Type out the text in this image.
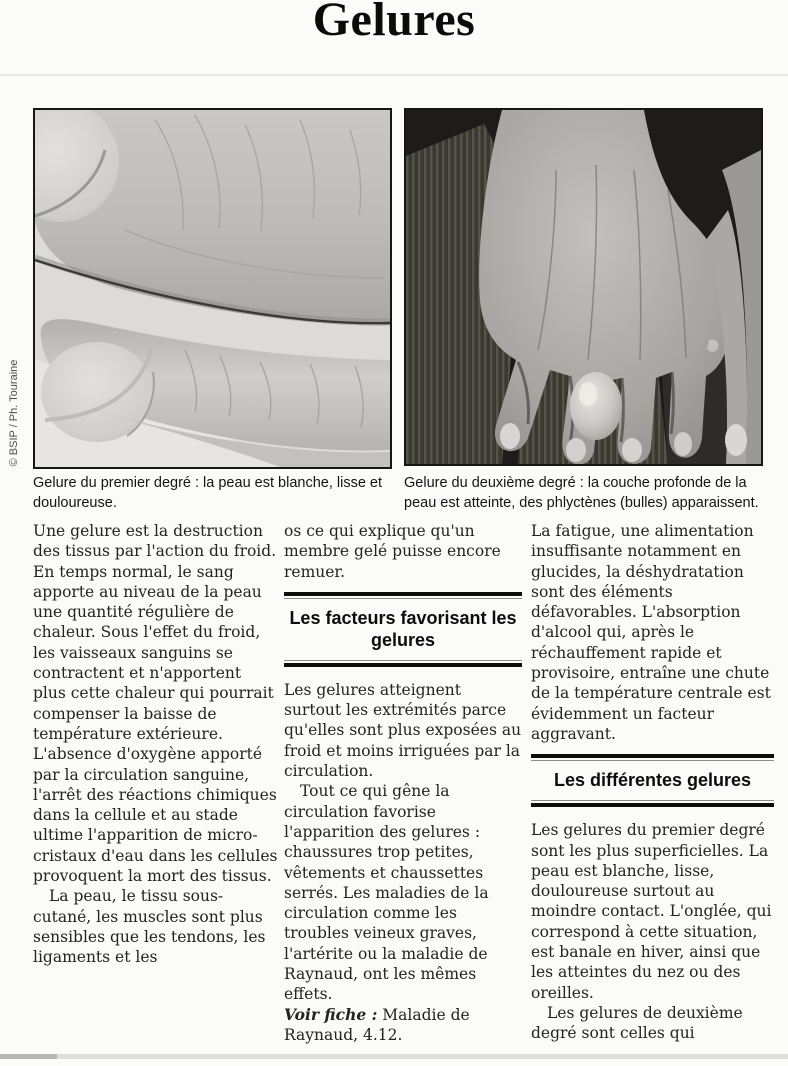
Gelures
© BSIP / Ph. Touraine
Gelure du premier degré : la peau est blanche, lisse et douloureuse.
Gelure du deuxième degré : la couche profonde de la peau est atteinte, des phlyctènes (bulles) apparaissent.

Une gelure est la destruction des tissus par l'action du froid. En temps normal, le sang apporte au niveau de la peau une quantité régulière de chaleur. Sous l'effet du froid, les vaisseaux sanguins se contractent et n'apportent plus cette chaleur qui pourrait compenser la baisse de température extérieure. L'absence d'oxygène apporté par la circulation sanguine, l'arrêt des réactions chimiques dans la cellule et au stade ultime l'apparition de micro-cristaux d'eau dans les cellules provoquent la mort des tissus.

La peau, le tissu sous-cutané, les muscles sont plus sensibles que les tendons, les ligaments et les

os ce qui explique qu'un membre gelé puisse encore remuer.

Les facteurs favorisant les gelures

Les gelures atteignent surtout les extrémités parce qu'elles sont plus exposées au froid et moins irriguées par la circulation.

Tout ce qui gêne la circulation favorise l'apparition des gelures : chaussures trop petites, vêtements et chaussettes serrés. Les maladies de la circulation comme les troubles veineux graves, l'artérite ou la maladie de Raynaud, ont les mêmes effets.

Voir fiche : Maladie de Raynaud, 4.12.

La fatigue, une alimentation insuffisante notamment en glucides, la déshydratation sont des éléments défavorables. L'absorption d'alcool qui, après le réchauffement rapide et provisoire, entraîne une chute de la température centrale est évidemment un facteur aggravant.

Les différentes gelures

Les gelures du premier degré sont les plus superficielles. La peau est blanche, lisse, douloureuse surtout au moindre contact. L'onglée, qui correspond à cette situation, est banale en hiver, ainsi que les atteintes du nez ou des oreilles.

Les gelures de deuxième degré sont celles qui
